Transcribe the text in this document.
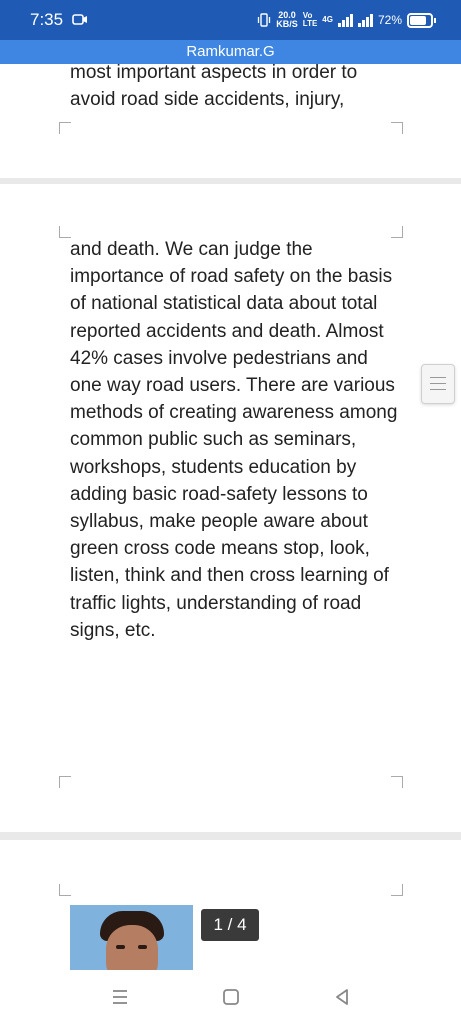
7:35	20.0
KB/S
Vo
LTE 4G	72%
Ramkumar.G
most important aspects in order to avoid road side accidents, injury,
and death. We can judge the importance of road safety on the basis of national statistical data about total reported accidents and death. Almost 42% cases involve pedestrians and one way road users. There are various methods of creating awareness among common public such as seminars, workshops, students education by adding basic road-safety lessons to syllabus, make people aware about green cross code means stop, look, listen, think and then cross learning of traffic lights, understanding of road signs, etc.
1 / 4
